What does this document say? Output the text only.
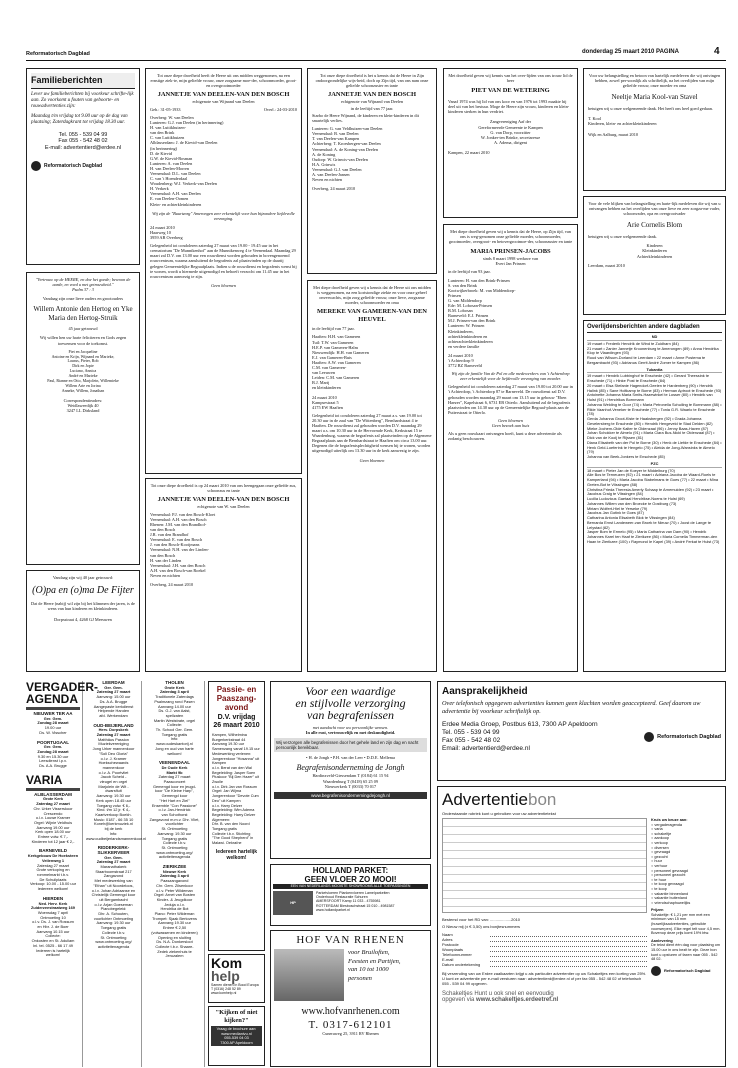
Reformatorisch Dagblad	donderdag 25 maart 2010 PAGINA	4
Familieberichten
Lever uw familieberichten bij voorkeur schrifte-lijk aan. Zo voorkomt u fouten van geboorte- en rouwadvertenties zijn:
Maandag t/m vrijdag tot 9.00 uur op de dag van plaatsing; Zaterdagkrant tot vrijdag 18.30 uur.
Tel. 055 - 539 04 99
Fax 055 - 542 48 02
E-mail: advertentierd@erdee.nl
Reformatorisch Dagblad
Tot onze diepe droefheid heeft de Heere uit ons midden weggenomen, na een ernstige ziek-te, mijn geliefde vrouw, onze zorgzame moe-der, schoonmoeder, groot- en overgrootmoeder
JANNETJE VAN DEELEN-VAN DEN BOSCH
echtgenote van Wijnand van Deelen
Geb.: 31-05-1933	Overl.: 24-03-2010
Overberg: W. van Deelen
Lunteren: G.J. van Deelen (in herinnering)
H. van Luttikhuizen-
van den Brink
C. van Luttikhuizen
Alblasserdam: J. de Kievid-van Deelen
(in herinnering)
D. de Kievid
G.W. de Kievid-Bosman
Lunteren: A. van Deelen
H. van Deelen-Morren
Veenendaal: D.L. van Deelen
C. van 't Hoenderdaal
Woudenberg: W.J. Verkerk-van Deelen
H. Verkerk
Veenendaal: A.H. van Deelen
E. van Deelen-Oomen
Klein- en achterkleinkinderen
Wij zijn de "Buurtzorg" Amerongen zeer erkentelijk voor hun bijzondere liefdevolle verzorging.
24 maart 2010
Haarweg 10
3959 AB Overberg
Gelegenheid tot condoleren zaterdag 27 maart van 19.00 - 19.45 uur in het crematorium "De Munnikenhof" aan de Munnikenweg 4 te Veenendaal. Maandag 29 maart zal D.V. om 13.00 uur een rouwdienst worden gehouden in bovengenoemd rouwcentrum, waarna aansluitend de begrafenis zal plaatsvinden op de daartij gelegen Gemeentelijke Begraafplaats. Indien u de rouwdienst en begrafenis wenst bij te wonen, wordt u hiermede uitgenodigd en behoeft verzocht om 11.45 uur in het rouwcentrum aanwezig te zijn.
Geen bloemen
Tot onze diepe droefheid is op 24 maart 2010 van ons heengegaan onze geliefde zus, schoonzus en tante
JANNETJE VAN DEELEN-VAN DEN BOSCH
echtgenote van W. van Deelen
Veenendaal: P.J. van den Bosch-Kloet
Veenendaal: A.H. van den Bosch
Rhenen: J.M. van den Brandhof-
van den Bosch
J.R. van den Brandhof
Veenendaal: E. van den Bosch
J. van den Bosch-Kooijmans
Veenendaal: N.H. van der Linden-
van den Bosch
H. van der Linden
Veenendaal: J.H. van den Bosch
A.H. van den Bosch-van Roekel
Neven en nichten
Overberg, 24 maart 2010
Tot onze diepe droefheid is het u kennis dat de Heere in Zijn ondoorgrondelijke wijs-heid, doch op Zijn tijd, van ons nam onze geliefde schoonzuster en tante
JANNETJE VAN DEN BOSCH
echtgenote van Wijnand van Deelen
in de leeftijd van 77 jaar.
Starbo de Heere Wijnand, de kinderen en klein-kinderen in dit smartelijk verlies.
Lunteren: G. van Veldhuizen-van Deelen
Veenendaal: B. van Deelen
T. van Deelen-van Kampen
Achterberg: T. Kroesbergen-van Deelen
Veenendaal: A. de Koning-van Deelen
A. de Koning
Oudorp: W. Grinwis-van Deelen
H.A. Grinwis
Veenendaal: G.J. van Deelen
A. van Deelen-Jansen
Neven en nichten
Overberg, 24 maart 2010
Met diepe droefheid geven wij u kennis dat de Heere uit ons midden is weggenomen, na een kortstondige ziekte en voor onze geheel onverwachts, mijn zorg geliefde vrouw, onze lieve, zorgzame moeder, schoonmoeder en oma
MEREKE VAN GAMEREN-VAN DEN HEUVEL
in de leeftijd van 77 jaar.
Haaften: H.H. van Gameren
Tuil: T.W. van Gameren
H.E.P. van Gameren-Halm
Nieuwendijk: H.H. van Gameren
E.J. van Gameren-Buis
Haaften: A.W. van Gameren
C.M. van Gameren-
van Leeuwen
Leiden: C.M. van Gameren
B.J. Martj
en kleinkinderen
24 maart 2010
Kampsestraat 5
4175 EW Haaften
Gelegenheid tot condoleren zaterdag 27 maart a.s. van 19.00 tot 20.30 uur in de zaal van "De Wittenberg", Bernhardstraat 4 te Haaften. De rouwdienst zal gehouden worden D.V. maandag 29 maart a.s. om 10.30 uur in de Hervormde Kerk, Kerkstraat 15 te Waardenburg, waarna de begrafenis zal plaatsvinden op de Algemene Begraafplaats aan de Bernhardstraat te Haaften om circa 13.00 uur. Degenen die de begrafenisplechtigheid wensen bij te wonen, worden uitgenodigd uiterlijk om 13.30 uur in de kerk aanwezig te zijn.
Geen bloemen
Met droefheid geven wij kennis van het over-lijden van ons trouw lid de heer
PIET VAN DE WETERING
Vanaf 1974 was hij lid van ons koor en van 1976 tot 1993 maakte hij deel uit van het bestuur. Moge de Heere zijn vrouw, kinderen en klein-kinderen sterken in hun verdriet.
Zangvereniging Aaf der
Gereformeerde Gemeente te Kampen
G. van Dorp, voorzitter
W. Jonker-ten Brinke, secretaresse
A. Adema, dirigent
Kampen, 22 maart 2010
Voor uw belangstelling en betoon van hartelijk medeleven die wij ontvingen hebben, zowel per-soonlijk als schriftelijk, na het overlijden van mijn geliefde vrouw, onze moeder en oma
Neeltje Maria Kool-van Stavel
betuigen wij u onze welgemeende dank. Het heeft ons heel goed gedaan.
T. Kool
Kinderen, klein- en achterkleinkinderen
Wijk en Aalburg, maart 2010
Voor de vele blijken van belangstelling en harte-lijk medeleven die wij van u ontvangen hebben na het overlijden van onze lieve en zeer zorgza-me vader, schoonvader, opa en overgrootvader
Arie Cornelis Blom
betuigen wij u onze welgemeende dank.
Kinderen
Kleinkinderen
Achterkleinkinderen
Leerdam, maart 2010
Met diepe droefheid geven wij u kennis dat de Heere, op Zijn tijd, van ons is weg-genomen onze geliefde moeder, schoonmoeder, grootmoeder, overgroot- en betovergrootmoe-der, schoonzuster en tante
MARIA PRINSEN-JACOBS
sinds 8 maart 1998 weduwe van
Evert Jan Prinsen
in de leeftijd van 93 jaar.
Lunteren: H. van den Brink-Prinsen
S. van den Brink
Kootwijkerbroek: M. van Middendorp-
Prinsen
G. van Middendorp
Ede: M. Lobosan-Prinsen
B.M. Lobosan
Barneveld: E.J. Prinsen
M.J. Prinsen-van den Brink
Lunteren: W. Prinsen
Kleinkinderen,
achterkleinkinderen en
achterachterkleinkinderen
en verdere familie
24 maart 2010
't Achterdorp 9
3772 BZ Barneveld
Wij zijn de familie Van de Pol en alle medewerkers van 't Achterdorp zeer erkentelijk voor de liefdevolle verzorging van moeder.
Gelegenheid tot condoleren zaterdag 27 maart van 19.00 tot 20.00 uur in 't Achterdorp, 't Achterdorp 87 te Barneveld. De rouwdienst zal D.V. gehouden worden maandag 29 maart om 13.15 uur in gebouw "Eben Haezer", Kapelstraat 6, 6731 EB Otterlo. Aansluitend zal de begrafenis plaatsvinden om 14.30 uur op de Gemeentelijke Begraaf-plaats aan de Putterstraat te Otterlo.
Geen bloemen
Geen bezoek aan huis
Als u geen rouwkaart ontvangen hoeft, kunt u deze advertentie als zodanig beschouwen.
Overlijdensberichten andere dagbladen
ND
19 maart • Frederik Hendrik de Wind te Zuidharn (84)
21 maart • Zanier Jannetje Kroonenburg te Amerongen (89) • Anna Hendrika Klop te Vlaardingen (93)
Ruud van Wilsum-Dorland te Leerdam • 22 maart • Anne Postema te Bergambacht (93) • Adrianus Gerrit André Zomer te Kampen (86)
Tubantia
19 maart • Hendrik Lubbinghof te Enschede (42) • Gerard Theessink te Enschede (71) • Hinke Post te Enschede (84)
20 maart • Elsa Stefanie Hagendorf-Geelen te Hardenberg (90) • Hendrik Halink (85) • Sane Holtkamp te Borne (83) • Herman Aptroot te Enschede (93)
Antoinette Johanna Maria Smits-Hazewinkel te Losser (80) • Hendrik van Hulst (91) • Hendrikus Bornmann
Johanna Welding te Goor (74) • Maria Petronella Schuiling te Bornmann (88) • Rikie Vaanhof-Veneker te Enschede (77) • Tonia G.R. Waarlo te Enschede (78)
Gerda Johanna Groot-Kiste te Haaksbergen (92) • Grada Johanna Gevelersberg te Enschede (80) • Hendrik Hengeveld te Stad Delden (82)
Mieke Jochem-Olde Kalter te Oldenzaal (96) • Jenny Baas-Haven (87)
Johan Schokker te Almelo (91) • Maria Clara Bus-Nickl te Oldenzaal (87) • Dick van de Kooij te Rijssen (81)
Diana Elisabeth van der Pol te Borne (30) • Henk de Liefde te Enschede (84) • Henk Geld-Loeferink te Hengelo (75) • Aleida de Jong-Wansinks te Almelo (79)
Johanna van Beek-Jonkers te Enschede (85)
PZC
18 maart • Pieter Jan de Koeyer te Middelburg (70)
Alie Bos te Terneuzen (92) • 21 maart • Adriana Jacoba de Waard-Roels te Kamperland (94) • Maria Jacoba Stabelmans te Goes (77) • 22 maart • Mina Greten-Bot te Vlissingen (88)
Christina Frieda Theresia Amerly Schaap te Arnemuiden (92) • 23 maart • Jacobus Craig te Vlissingen (84)
Lucilia Ludovicus Gaetaal Hendrikse-Noens te Hulst (69)
Johannes Willem van den Broecke te Oostburg (73)
Miriam Wolfert-Hiel te Yerseke (79)
Jacobus Jan Gotink te Goes (87)
Catharina Antonia Elisabeth Blok te Vlissingen (84)
Bernarda Ernst Landeweer-van Broek te Nieuw (70) • Joost de Lange te Lelystad (82)
Jasper Bom te Ermelo (95) • Maria Catharina van Dam (90) • Hendrik Johannes Karel ten Haaf te Zierikzee (86) • Maria Cornelia Timmerman-den Haan te Zierikzee (100) • Raymond Ie Kapel (39) • André Ferkat te Hulst (73)
"Vertrouw op de HEERE, en doe het goede; bewoon de aarde, en voed u met getrouwheid."
Psalm 37 : 3
Vandaag zijn onze lieve ouders en grootouders
Willem Antonie den Hertog en Yke Maria den Hertog-Struik
45 jaar getrouwd
Wij willen hen uw harte feliciteren en Gods zegen toewensen voor de toekomst.
Piet en Jacqueline
Antoine en Krijn, Wijnand en Marieke,
Laurus, Pieter, Rob
Dirk en Jopie
Luciano, Annica
André en Marieke
Paul, Rianne en Otto, Marjolein, Willemieke
Willem Arie en Jorina
Anneke, Willem, Jonathan
Correspondentieadres:
Weidlaweedijk 40
3247 LL Dirksland
Vandaag zijn wij 40 jaar getrouwd:
(O)pa en (o)ma De Fijter
Dat de Heere (nabij) wil zijn bij het klimmen der jaren, is de wens van hun kinderen en kleinkinderen.
Dorpsstraat 4, 4268 GJ Meeuwen
VERGADER-AGENDA
NIEUWER TER AA
Ger. Gem.
Zondag 28 maart
19.00 uur
Ds. W. Visscher
POORTUGAAL
Ger. Gem.
Zondag 28 maart
9.30 en 15.30 uur
Leesdienst i.p.v.
Ds. A.A. Brugge
VARIA
ALBLASSERDAM
Grote Kerk
Zaterdag 27 maart
Chr. Urker Visserskoor
Crescendo
o.l.v. Louwe Kramer
Orgel: Wijnie Veldhuis
Aanvang 19.00 uur
Kerk open 18.00 uur
Entree volw. € 7,-
Kinderen tot 12 jaar € 2,-
BARNEVELD
Kerkgebouw De Hoeksteen
Veilenweg 1
Zaterdag 27 maart
Grote verkoping en
rommelmarkt t.b.v.
De Schuilplaats
Verkoop: 10.00 - 15.00 uur
Iedereen welkom!
HIERDEN
Ned. Herv. Kerk
Zuiderzeestraatweg 169
Woensdag 7 april
Ontmoeting 10
o.l.v. Ds. J. van Rossum
en Hbr. J. de Boer
Aanvang 10.15 uur
Collecte:
Onkosten en St. Adullam
Inl. tel. 0525 - 66 17 49
Iedereen is hartelijk
welkom!
LEERDAM
Ger. Gem.
Zaterdag 27 maart
Aanvang: 15.00 uur
Ds. A.A. Brugge
Aangepaste kerkdienst
Helpende Handen
afd. Werkendam
OUD-BEIJERLAND
Herv. Dorpskerk
Zaterdag 27 maart
Matthäus Passion
Muziekvereniging
Jong Urker mannenkoor
"Soli Deo Gloria"
o.l.v. J. Kramer
Hoekschewaards
mannenkoor
o.l.v. A. Poortvliet
Jacob Scheld -
vleugel en orgel
Marjolein de Wit -
dwarsfluit
Aanvang: 19.30 uur
Kerk open 18.45 uur
Toegang volw. € 6,-
Kind. t/m 12 jr. € 4,-
Kaartverkoop Boekh.
Music: 0187 - 66 35 10
Koneh@kerkmuziek.nl
bij de kerk
Info:
www.oudbeijerlandsmannenkoor.nl
RIDDERKERK-SLIKKERVEER
Ger. Gem.
Zaterdag 27 maart
Maranathakerk
Staarboomstraat 217
Zangavond
Met medewerking van
"Ethan" uit Noordeloos,
o.l.v. Johan Adriaanse en
Christelijk Gemengd koor
uit Bergambacht
o.l.v. Arjan Goeseman
Pianobegeleid:
Dhr. A. Schouten,
voorlichter Ontmoeting
Aanvang: 19.30 uur
Toegang gratis
Collecte t.b.v.
St. Ontmoeting
www.ontmoeting.org/
activiteitenagenda
THOLEN
Grote Kerk
Zaterdag 3 april
Traditionele Zaterdags
Psalmzang rond Pasen
Aanvang 14.00 uur
Ds. G.J. van Aalst,
spellzaten
Martin Weststrate, orgel
Collecte:
Th. School Ger. Gem.
Toegang gratis
Info:
www.oudeskantorij.nl
Jong en oud van harte
welkom!
VEENENDAAL
De Oude Kerk
Markt 9b
Zaterdag 27 maart
Paasconcert
Gemengd koor en jeugd-
koor "De Kleine Harp",
Gemengd koor
"Het Hart en Ziel"
Ensemble "Con Passione"
o.l.v. Jan-Hendrick
van Schothorst
Zangavond m.m.v. Dhr. Vliet,
voorlichter
St. Ontmoeting
Aanvang: 19.30 uur
Toegang gratis
Collecte t.b.v.
St. Ontmoeting
www.ontmoeting.org/
activiteitenagenda
ZIERIKZEE
Nieuwe Kerk
Zaterdag 3 april
Paaszangavond
Chr. Gem. Zilsenkoor
o.l.v. Peter Wildeman
Orgel: Arnet van Bosten
Kinder- & Jeugdkoor
Jeduja o.l.v.
Hendrika de Bot
Piano: Peter Wildeman
Trompet: Sjaak Bertovens
Aanvang 19.30 uur
Entree € 2,50
(volwassenen en kinderen)
Opening en sluiting
Ds. N.A. Donkersloot
Collecte t.b.v. Shaare-
Zedek ziekenhuis te
Jeruzalem
Passie- en
Paaszang-
avond
D.V. vrijdag
26 maart 2010
Kampen, Wilhelmina Burgerkerkstraat 44
Aanvang 19.30 uur
Samenzang vanaf 19.15 uur
Medewerking verlenen:
Jongerenkoor "Hosanna" uit Kampen
o.l.v. Berat van den Wal
Begeleiding: Jasper Soen
Pluskoor "Bij Den Hazer" uit Zwolle
o.l.v. Dirk Jan van Rossum
Orgel: Jan Wijma
Jongerenkoor "Devote Cum Deo" uit Kampen
o.l.v. Harry Delzer
Begeleiding: Wim Adema
Begeleiding: Harry Delzer
Algemeen:
Dhr. B. van den Noord
Toegang gratis
Collecte t.b.v. Stichting
"The Good Shepherd" in Malawi. Oekraïne
Iedereen hartelijk welkom!
Kom
help
Samen dienen in Bood Europa
T (0316) 248 52 89
www.komhelp.nl
"Kijken of niet kijken?"
Vraag de brochure aan:
www.medianivu.nl
055-539 04 03
7300 AP Apeldoorn
Voor een waardige
en stijlvolle verzorging
van begrafenissen
met aandacht voor uw persoonlijke wensen.
In alle rust, vertrouwelijk en met deskundigheid.
Wij verzorgen alle begrafenissen door het gehele land en zijn dag en nacht persoonlijk bereikbaar.
• H. de Jongh • P.H. van der Leer • D.D.E. Mellema
Begrafenisonderneming de Jongh
Hardinxveld-Giessendam T (0184) 61 15 94
Waardenburg T (0418) 65 25 09
Nieuwerkerk T (0033) 70 017
www.begrafenisondernemingdejongh.nl
HOLLAND PARKET:
GEEN VLOER ZO MOOI!
EEN VAN NEDERLANDS MOOISTE SHOWROOMS ALLE TOEPASSINGEN
HP
Parketvloeren Plankenvloeren Lamelparkeiten
Onderhoud Restauratie Schuren
AMERSFOORT Kamp 11 033 - 4755981
ROTTERDAM Biesboschstraat 15 010 - 4981587
www.hollandparket.nl
HOF VAN RHENEN
voor Bruiloften,
Feesten en Partijen,
van 10 tot 1000
personen
www.hofvanrhenen.com
T. 0317-612101
Cuneraweg 25, 3911 RV Rhenen
Aansprakelijkheid
Over telefonisch opgegeven advertenties kunnen geen klachten worden geaccepteerd. Geef daarom uw advertentie bij voorkeur schriftelijk op.
Erdee Media Groep, Postbus 613, 7300 AP Apeldoorn
Tel. 055 - 539 04 99
Fax 055 - 542 48 02
Email: advertentierd@erdee.nl
Reformatorisch Dagblad
Advertentiebon
Onderstaande rubriek kunt u gebruiken voor uw advertentietekst
Bestemd voor het RD van: ...................2010
O Nieuw mij (± € 3,50) ons bonjtesnummers
Naam
Adres
Postcode
Woonplaats
Telefoonnummer
E-mail
Datum ondertekening
Bij verzending van uw Erdee zaalkaarten krijgt u als particulier advertentier op uw Schakeltjes een korting van 25%. U kunt ze advertentie per e-mail versturen naar: advertentierd@erdee.nl of per fax 055 - 542 48 02 of telefonisch 055 - 539 04 99 opgeven.
Schakeltjes Hunt u ook snel en eenvoudig
opgeven via www.schakeltjes.erdeetref.nl
Kruis uw keuze aan:
○ vergaderagenda
○ varia
○ schakeltje
○ aankoop
○ verkoop
○ diversen
○ gevraagd
○ gezocht
○ huur
○ verhuur
○ personeel gevraagd
○ personeel gezocht
○ te huur
○ te koop gevraagd
○ te koop
○ vakantie binnenland
○ vakantie buitenland
○ vriendschaphuwelijks
Prijzen
Schakeltje: € 1,21 per mm met een minimum van 15 mm (huwelijksadvertenties, gebruikte voorwerpen). Elke regel telt voor 4,5 mm. Bovenop deze prijs komt 19% btw.
Aanlevering
De tekst dient één dag voor plaatsing om 15.00 uur in ons bezit te zijn. Deze bon kunt u opsturen of faxen naar 055 - 542 48 02.
Reformatorisch Dagblad
